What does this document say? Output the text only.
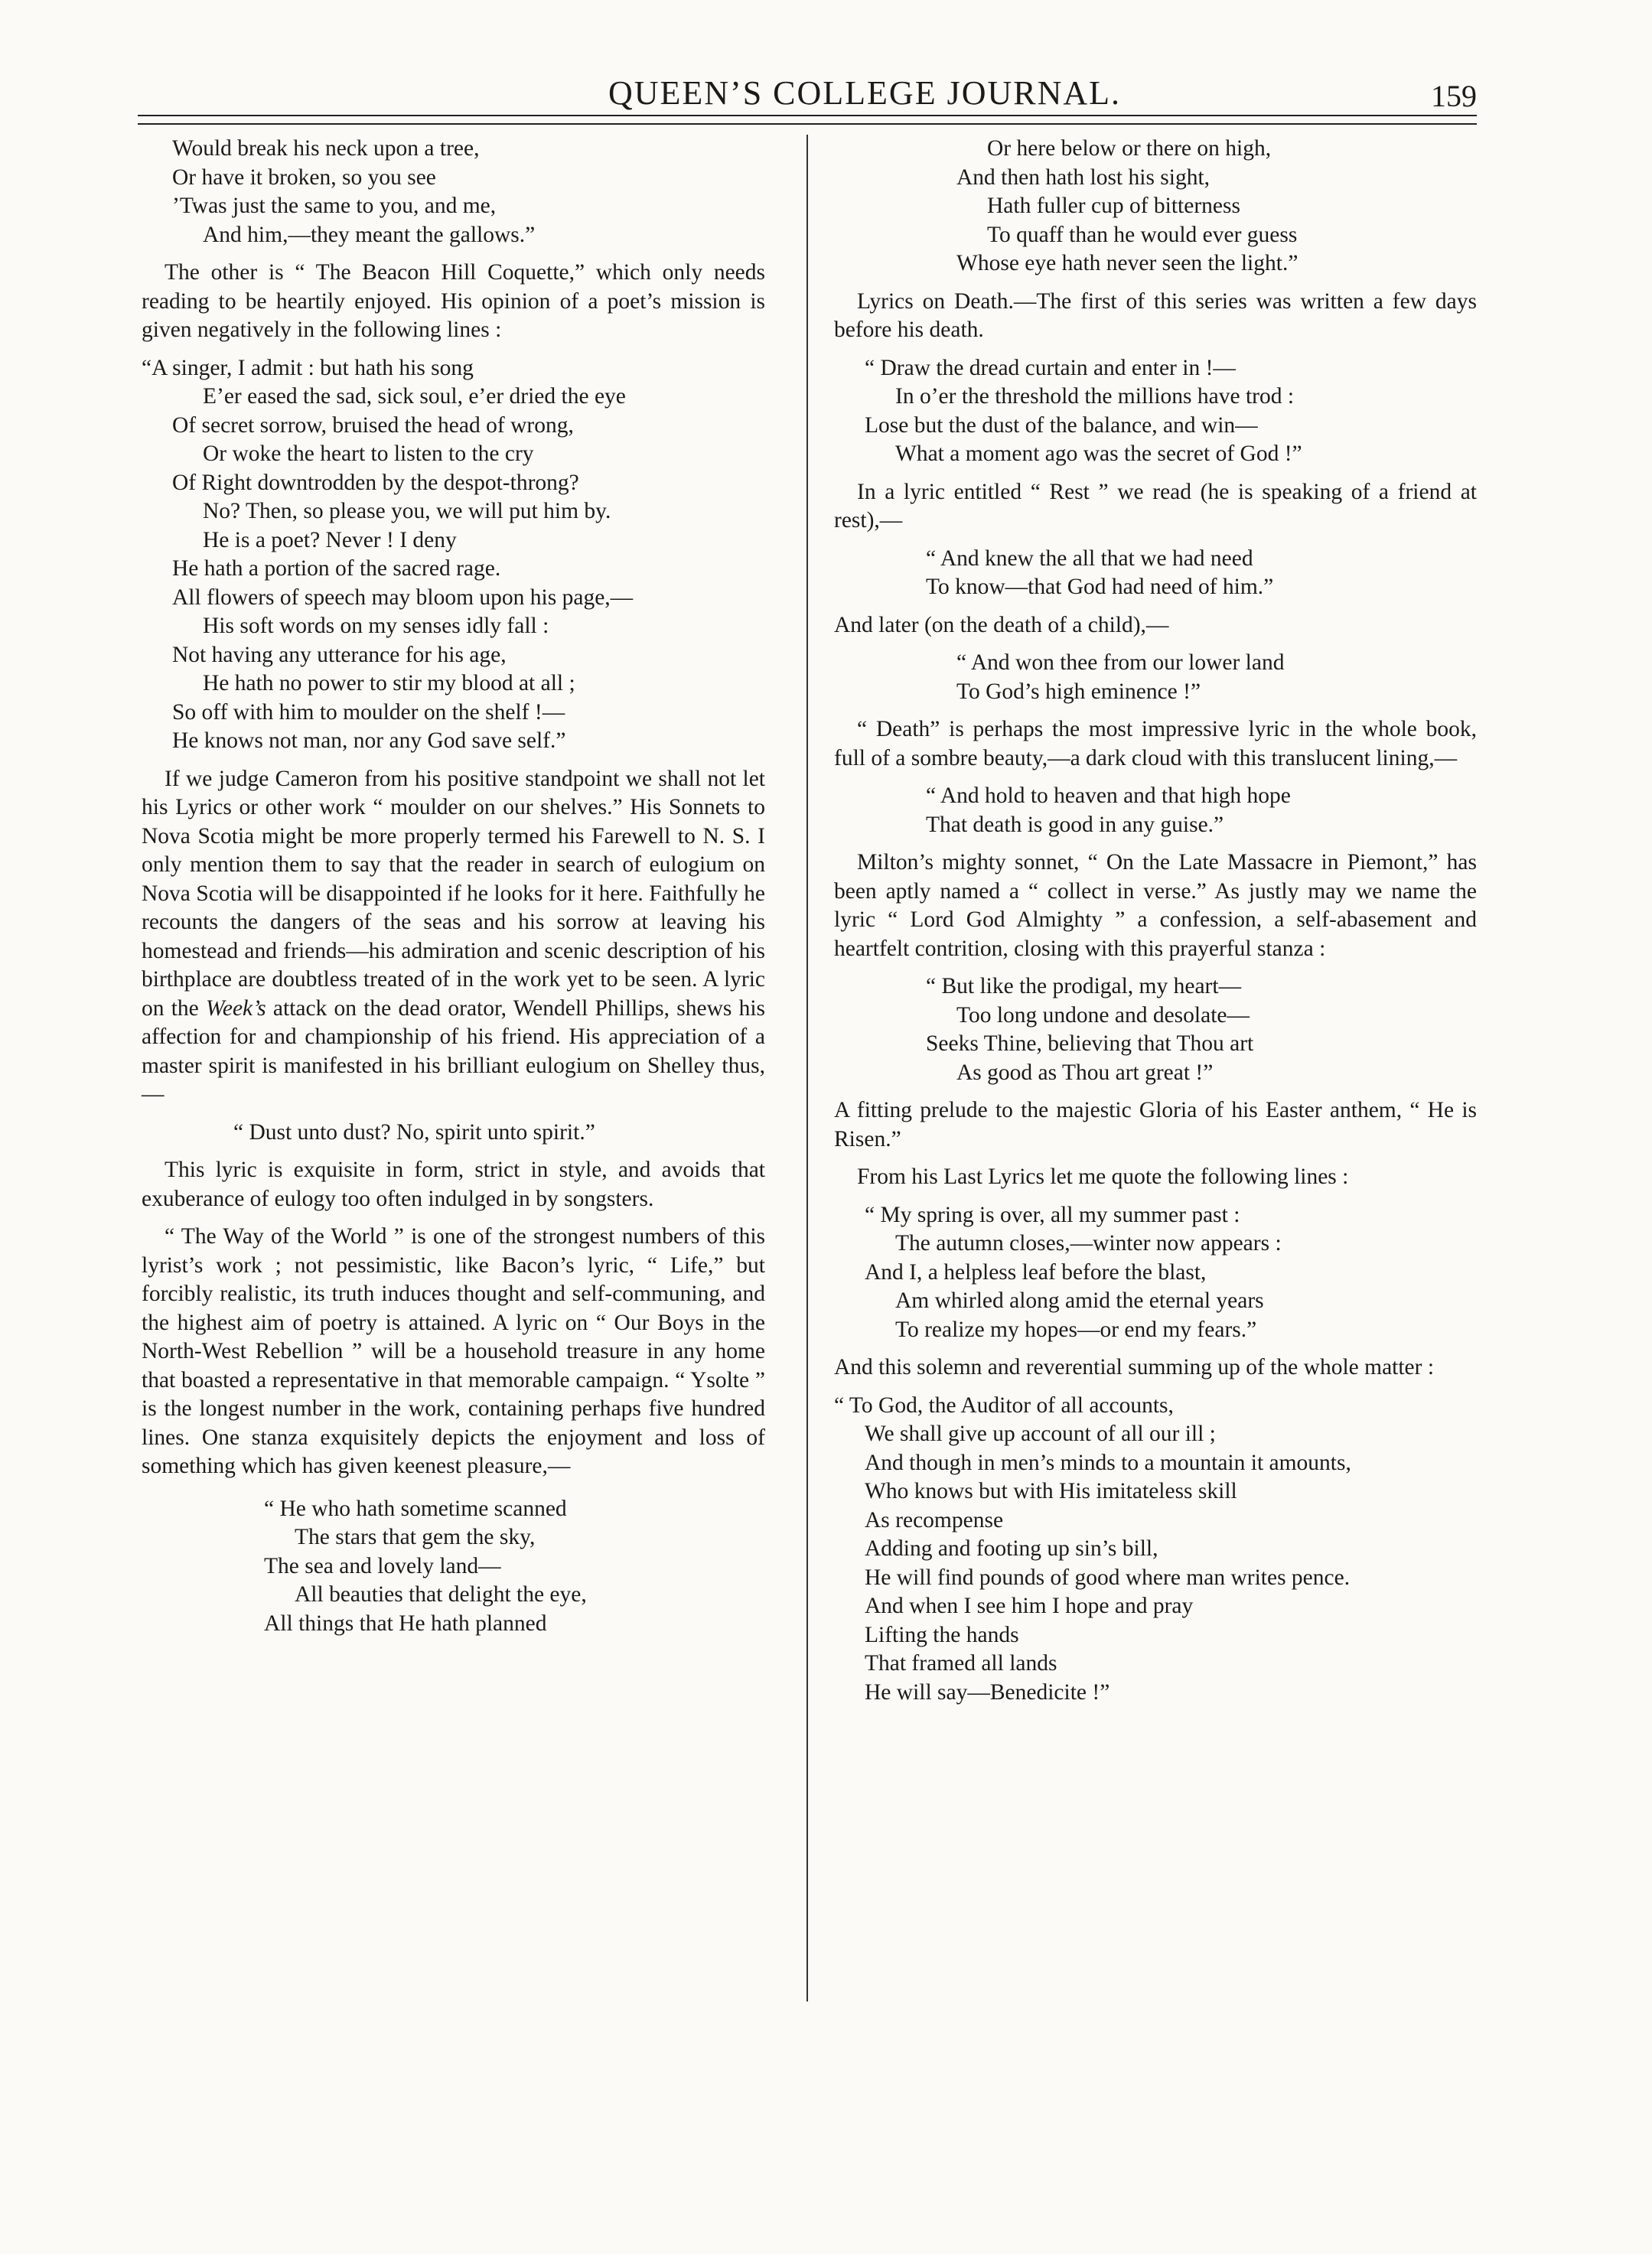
QUEEN’S COLLEGE JOURNAL.	159
Would break his neck upon a tree,
Or have it broken, so you see
’Twas just the same to you, and me,
And him,—they meant the gallows.”

The other is “ The Beacon Hill Coquette,” which only needs reading to be heartily enjoyed. His opinion of a poet’s mission is given negatively in the following lines :

“A singer, I admit : but hath his song
E’er eased the sad, sick soul, e’er dried the eye
Of secret sorrow, bruised the head of wrong,
Or woke the heart to listen to the cry
Of Right downtrodden by the despot-throng?
No? Then, so please you, we will put him by.
He is a poet? Never ! I deny
He hath a portion of the sacred rage.
All flowers of speech may bloom upon his page,—
His soft words on my senses idly fall :
Not having any utterance for his age,
He hath no power to stir my blood at all ;
So off with him to moulder on the shelf !—
He knows not man, nor any God save self.”

If we judge Cameron from his positive standpoint we shall not let his Lyrics or other work “ moulder on our shelves.” His Sonnets to Nova Scotia might be more properly termed his Farewell to N. S. I only mention them to say that the reader in search of eulogium on Nova Scotia will be disappointed if he looks for it here. Faithfully he recounts the dangers of the seas and his sorrow at leaving his homestead and friends—his admiration and scenic description of his birthplace are doubtless treated of in the work yet to be seen. A lyric on the Week’s attack on the dead orator, Wendell Phillips, shews his affection for and championship of his friend. His appreciation of a master spirit is manifested in his brilliant eulogium on Shelley thus,—

“ Dust unto dust? No, spirit unto spirit.”

This lyric is exquisite in form, strict in style, and avoids that exuberance of eulogy too often indulged in by songsters.

“ The Way of the World ” is one of the strongest numbers of this lyrist’s work ; not pessimistic, like Bacon’s lyric, “ Life,” but forcibly realistic, its truth induces thought and self-communing, and the highest aim of poetry is attained. A lyric on “ Our Boys in the North-West Rebellion ” will be a household treasure in any home that boasted a representative in that memorable campaign. “ Ysolte ” is the longest number in the work, containing perhaps five hundred lines. One stanza exquisitely depicts the enjoyment and loss of something which has given keenest pleasure,—

“ He who hath sometime scanned
The stars that gem the sky,
The sea and lovely land—
All beauties that delight the eye,
All things that He hath planned
Or here below or there on high,
And then hath lost his sight,
Hath fuller cup of bitterness
To quaff than he would ever guess
Whose eye hath never seen the light.”

Lyrics on Death.—The first of this series was written a few days before his death.

“ Draw the dread curtain and enter in !—
In o’er the threshold the millions have trod :
Lose but the dust of the balance, and win—
What a moment ago was the secret of God !”

In a lyric entitled “ Rest ” we read (he is speaking of a friend at rest),—

“ And knew the all that we had need
To know—that God had need of him.”

And later (on the death of a child),—

“ And won thee from our lower land
To God’s high eminence !”

“ Death” is perhaps the most impressive lyric in the whole book, full of a sombre beauty,—a dark cloud with this translucent lining,—

“ And hold to heaven and that high hope
That death is good in any guise.”

Milton’s mighty sonnet, “ On the Late Massacre in Piemont,” has been aptly named a “ collect in verse.” As justly may we name the lyric “ Lord God Almighty ” a confession, a self-abasement and heartfelt contrition, closing with this prayerful stanza :

“ But like the prodigal, my heart—
Too long undone and desolate—
Seeks Thine, believing that Thou art
As good as Thou art great !”

A fitting prelude to the majestic Gloria of his Easter anthem, “ He is Risen.”

From his Last Lyrics let me quote the following lines :

“ My spring is over, all my summer past :
The autumn closes,—winter now appears :
And I, a helpless leaf before the blast,
Am whirled along amid the eternal years
To realize my hopes—or end my fears.”

And this solemn and reverential summing up of the whole matter :

“ To God, the Auditor of all accounts,
We shall give up account of all our ill ;
And though in men’s minds to a mountain it amounts,
Who knows but with His imitateless skill
As recompense
Adding and footing up sin’s bill,
He will find pounds of good where man writes pence.
And when I see him I hope and pray
Lifting the hands
That framed all lands
He will say—Benedicite !”
